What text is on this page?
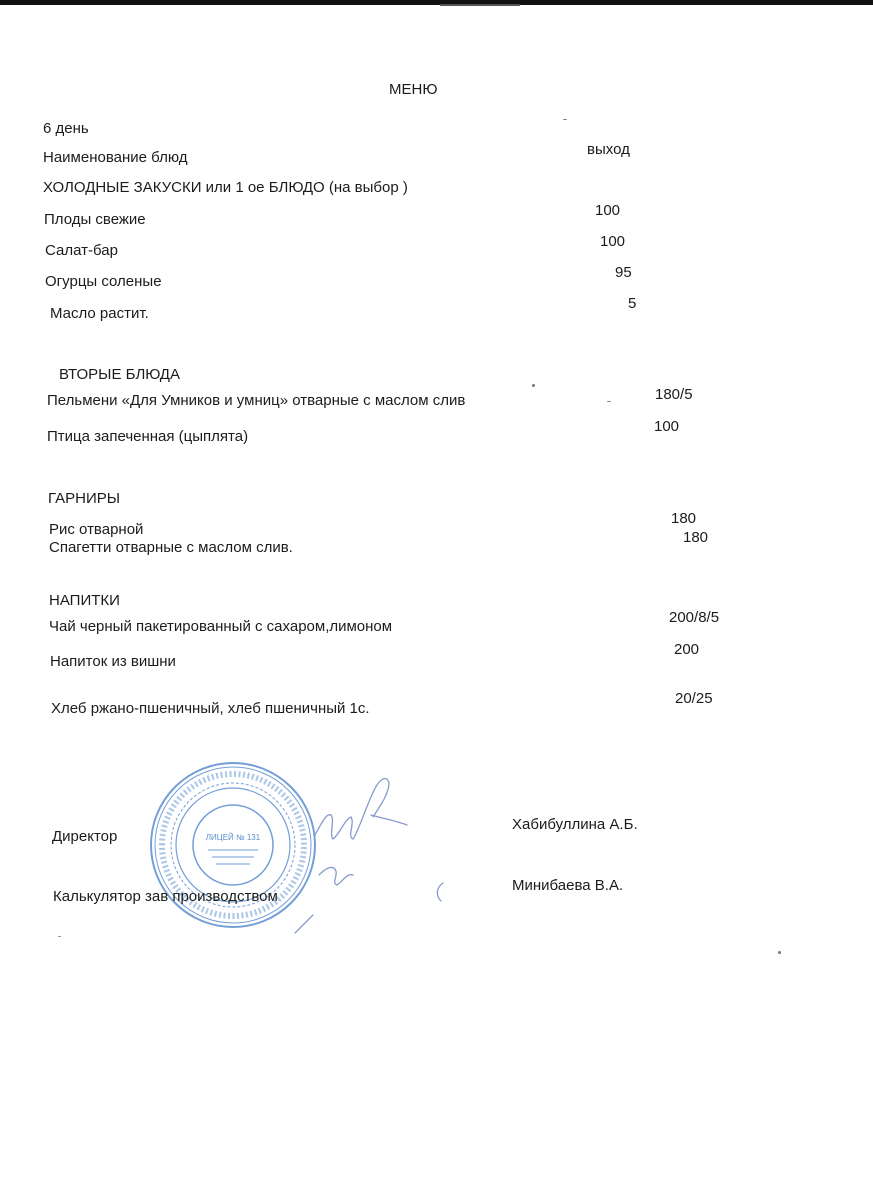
МЕНЮ
6 день
Наименование блюд	выход
ХОЛОДНЫЕ ЗАКУСКИ или 1 ое БЛЮДО (на выбор )
Плоды свежие
100
Салат-бар
100
Огурцы соленые
95
Масло растит.
5
ВТОРЫЕ БЛЮДА
Пельмени «Для Умников и умниц» отварные с маслом слив	180/5
Птица запеченная (цыплята)
100
ГАРНИРЫ
Рис отварной
180
Спагетти отварные с маслом слив.
180
НАПИТКИ
Чай черный пакетированный с сахаром,лимоном
200/8/5
Напиток из вишни
200
Хлеб ржано-пшеничный, хлеб пшеничный 1с.
20/25
ЛИЦЕЙ № 131
Директор
Хабибуллина А.Б.
Калькулятор зав производством
Минибаева В.А.
